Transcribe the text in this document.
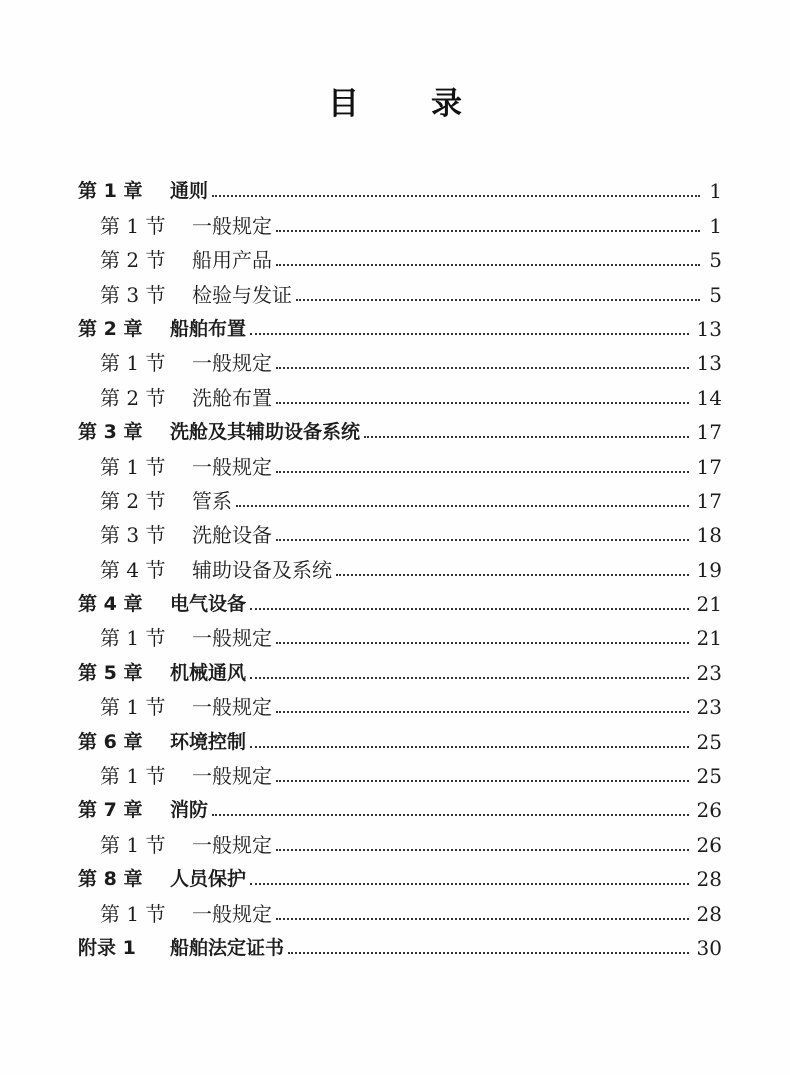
目 录
第 1 章	通则	1
第 1 节	一般规定	1
第 2 节	船用产品	5
第 3 节	检验与发证	5
第 2 章	船舶布置	13
第 1 节	一般规定	13
第 2 节	洗舱布置	14
第 3 章	洗舱及其辅助设备系统	17
第 1 节	一般规定	17
第 2 节	管系	17
第 3 节	洗舱设备	18
第 4 节	辅助设备及系统	19
第 4 章	电气设备	21
第 1 节	一般规定	21
第 5 章	机械通风	23
第 1 节	一般规定	23
第 6 章	环境控制	25
第 1 节	一般规定	25
第 7 章	消防	26
第 1 节	一般规定	26
第 8 章	人员保护	28
第 1 节	一般规定	28
附录 1	船舶法定证书	30
